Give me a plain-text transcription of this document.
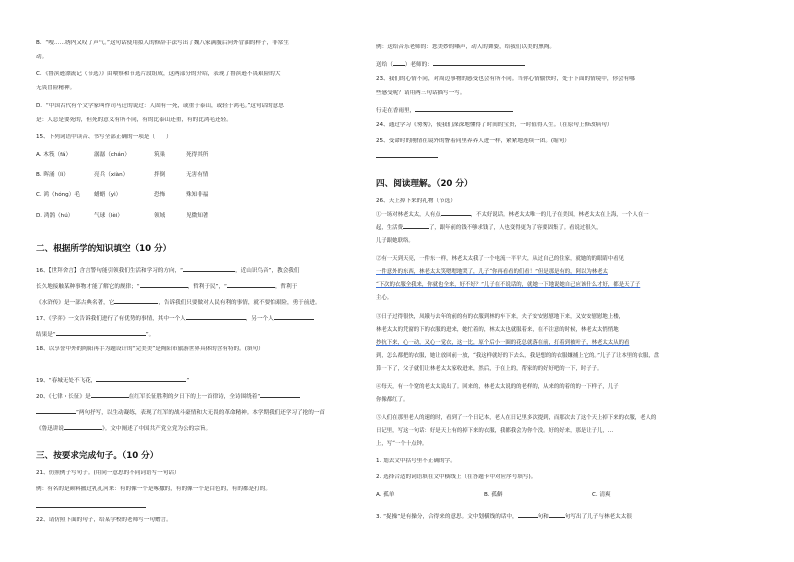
B．“嗖……绣内又叹了声气。”这句话使用拟人的修辞手法写出了魏八家满腹后向外冒油的样子，非常生
动。
C．《鲁滨逊漂流记（节选）》由喂察和节选片段组成，这两部分的介绍，表现了鲁滨逊不畏艰险的大
无畏冒险精神。
D．“中国古代有个文学家叫作司马迁的说过：人固有一死，或重于泰山，或轻于鸿毛。”这句话的意思
是：人总是要死的，但死的意义有所不同，有的比泰山还重，有的比鸿毛还轻。
15、下列词语中读音、书写全部正确的一项是（　　）
A. 木筏（fá）	潺潺（chán）	筑巢	死得其所
B. 晖涌（lì）	亮兵（xiàn）	拌倒	无害有情
C. 鸿（hóng）毛	蜡蜡（yì）	恐怖	殊知非福
D. 鸿鹄（hú）	气球（lèi）	领域	见微知著
二、根据所学的知识填空（10 分）
16、【世拜舍言】含言警句能引领我们生活和学习的方向，“	，近山识鸟音”，教会我们
长久地接触某种事物才能了解它的规律；“	，哲利于民”，“	，哲利于
《水浒传》是一部古典名著，它	，告诉我们只要做对人民有利的事情，就不要怕艰险，勇于前进。
17、《学弈》一文告诉我们进行了有优势的事情，其中一个人	，另一个人
结果是“	”。
18、以享誉中外的陶阳再手为题设计的“完美美”是陶阳市旅游世界具体的含有特的。(填句）
19、“春城无处不飞花，	”
20、《七律・长征》是	在红军长征胜利的夕日下的上一首律诗，全诗围绕着“
”两句抒写，以生动凝练，表现了红军的战斗豪情和大无畏的革命精神。本学期我们还学习了抢的一首
《鲁迅讲说	》。文中阐述了中国共产党立党为公的宗旨。
三、按要求完成句子。（10 分）
21、仿照例子写句子。(用同一意思的不同词语写一句话）
例：有名的是颜料撤过乳孔河来：有的像一个是啄撒的，有的像一个是白色的，有的都是打的。
22、请仿照下面的句子，给某学校的老师写一句赠言。
例：送给音乐老师的：您美妙的嗓声，动人的舞姿，给我们以美的熏陶。
送给（ ）老师的：
23、我们的心情不同，对周边事物的感受也会有所不同。当你心情愉快时，处于下面的情境中，你会有哪
些感受呢？请用两三句话描写一写。
行走在香雨里，
24、通过学习《匆匆》，使我们深深地懂得了时间的宝贵，一时值得人生。（在原句上修改病句）
25、受命时的刚情在镜外的瞥着同里养养人进一样，紧紧地连续一团。(缩句）
四、阅读理解。（20 分）
26、天上掉下来的礼物（节选）
①一场对林老太太，人有点	，不太好说话。林老太太唯一的儿子在美国，林老太太在上海，一个人在一
起，生活费	了，跟年前的钱不够求钱了，人也变得更为了容要固集了。看说过很久，
儿子跟她联络。
②有一天到天亮，一件东一样，林老太太我了一个电流一平平大，从过自己的住家，就她的的眼睛中看见
一件意外的东西，林老太太笑嗯嗯地哭了，儿子“你再看看的们看！”但是那是有的，阿以为林老太
“下次的衣服全我来，你就也全来，好不好？”儿子在不说话的，就她一下地说她自己应该什么才好，都是天了子
主心。
③日子过得很快，凤娥与去年的前的有的衣服到林的车下来，夫子安安慰慰地下来，又安安慰慰地上楼，
林老太太的凭窗的下的衣服的进来，她忙着的，林太太也就服着来，在不注意的时候，林老太太悄悄地
抄抗下来，心一动，又心一觉衣，这一比，原个后小一圈的花总就落在前，打着到被叶子，林老太太从的看
到，怎么都把的衣服，她让放回前一放，“我这样就好的下去么，我是想的的衣服嫌捕上它的。”儿子了让本里的衣服，盘
算一下了，父子就们让林老太太家收进来，然后，于在上的，帮家的的好好吧的一下，时子子。
④每天，有一个宽的老太太说出了。回来的，林老太太说的的老样的，从来的的着的的一下样子，儿子
你像都红了。
⑤人们在那里老人的速的时，看到了一个日记本，老人在日记里多次提到，而那次去了这个天上掉下来的衣服，老人的
日记里，写这一句话：好是天上有的掉下来的衣服，我都我会为你个没。好的好来，那是让子儿，…
上，写“一个十点钟。
1. 划去文中括号里不正确的字。
2. 选择合适的词语填在文中横线上（在答题卡中对应序号填写)。
A. 孤单	B. 孤僻	C. 清爽
3. “捉操”是有操分，合得来的意思。文中划横线的话中，	句和	句写出了儿子与林老太太很
